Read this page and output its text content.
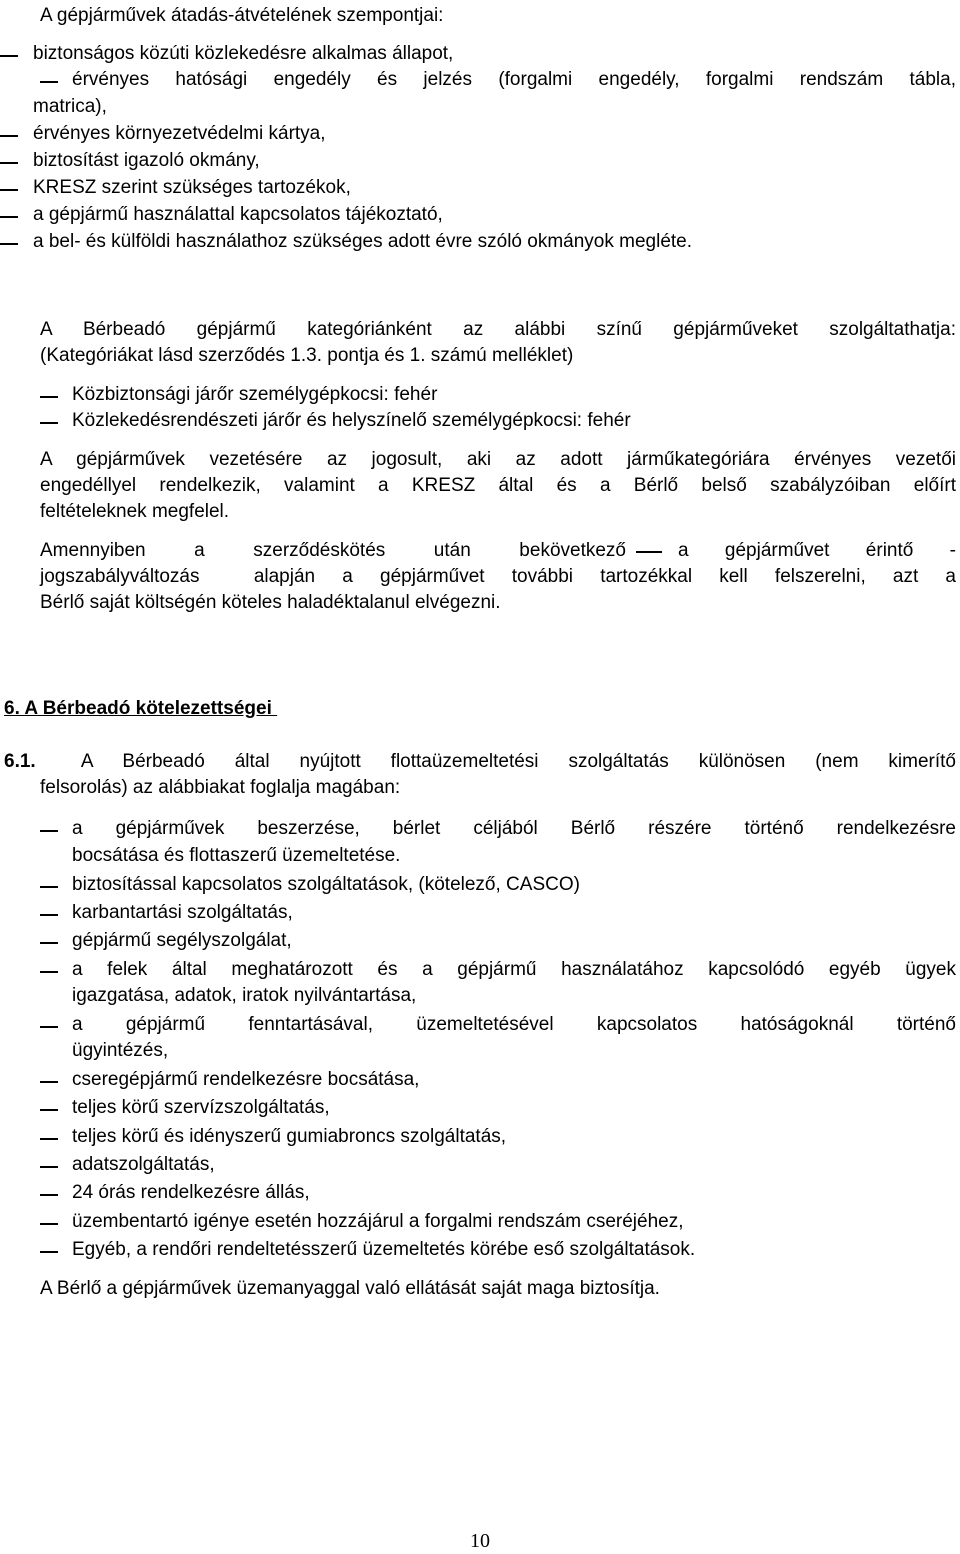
A gépjárművek átadás-átvételének szempontjai:
biztonságos közúti közlekedésre alkalmas állapot,
érvényes hatósági engedély és jelzés (forgalmi engedély, forgalmi rendszám tábla,
matrica),
érvényes környezetvédelmi kártya,
biztosítást igazoló okmány,
KRESZ szerint szükséges tartozékok,
a gépjármű használattal kapcsolatos tájékoztató,
a bel- és külföldi használathoz szükséges adott évre szóló okmányok megléte.
A Bérbeadó gépjármű kategóriánként az alábbi színű gépjárműveket szolgáltathatja:
(Kategóriákat lásd szerződés 1.3. pontja és 1. számú melléklet)
Közbiztonsági járőr személygépkocsi: fehér
Közlekedésrendészeti járőr és helyszínelő személygépkocsi: fehér
A gépjárművek vezetésére az jogosult, aki az adott járműkategóriára érvényes vezetői
engedéllyel rendelkezik, valamint a KRESZ által és a Bérlő belső szabályzóiban előírt
feltételeknek megfelel.
Amennyiben a szerződéskötés után bekövetkező	a gépjárművet érintő -
jogszabályváltozás  alapján a gépjárművet további tartozékkal kell felszerelni, azt a
Bérlő saját költségén köteles haladéktalanul elvégezni.
6. A Bérbeadó kötelezettségei
6.1. A Bérbeadó által nyújtott flottaüzemeltetési szolgáltatás különösen (nem kimerítő
felsorolás) az alábbiakat foglalja magában:
a gépjárművek beszerzése, bérlet céljából Bérlő részére történő rendelkezésre
bocsátása és flottaszerű üzemeltetése.
biztosítással kapcsolatos szolgáltatások, (kötelező, CASCO)
karbantartási szolgáltatás,
gépjármű segélyszolgálat,
a felek által meghatározott és a gépjármű használatához kapcsolódó egyéb ügyek
igazgatása, adatok, iratok nyilvántartása,
a gépjármű fenntartásával, üzemeltetésével kapcsolatos hatóságoknál történő
ügyintézés,
cseregépjármű rendelkezésre bocsátása,
teljes körű szervízszolgáltatás,
teljes körű és idényszerű gumiabroncs szolgáltatás,
adatszolgáltatás,
24 órás rendelkezésre állás,
üzembentartó igénye esetén hozzájárul a forgalmi rendszám cseréjéhez,
Egyéb, a rendőri rendeltetésszerű üzemeltetés körébe eső szolgáltatások.
A Bérlő a gépjárművek üzemanyaggal való ellátását saját maga biztosítja.
10
